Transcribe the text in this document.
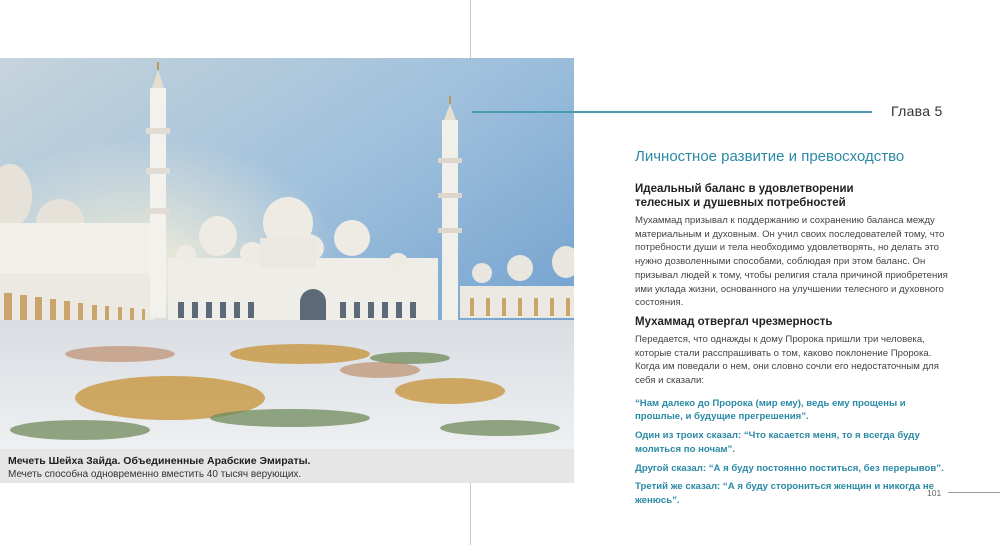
Мечеть Шейха Зайда. Объединенные Арабские Эмираты.
Мечеть способна одновременно вместить 40 тысяч верующих.
Глава 5
Личностное развитие и превосходство
Идеальный баланс в удовлетворении
телесных и душевных потребностей

Мухаммад призывал к поддержанию и сохранению баланса между материальным и духовным. Он учил своих последователей тому, что потребности души и тела необходимо удовлетворять, но делать это нужно дозволенными способами, соблюдая при этом баланс. Он призывал людей к тому, чтобы религия стала причиной приобретения ими уклада жизни, основанного на улучшении телесного и духовного состояния.

Мухаммад отвергал чрезмерность

Передается, что однажды к дому Пророка пришли три человека, которые стали расспрашивать о том, каково поклонение Пророка. Когда им поведали о нем, они словно сочли его недостаточным для себя и сказали:

“Нам далеко до Пророка (мир ему), ведь ему прощены и прошлые, и будущие прегрешения”.

Один из троих сказал: “Что касается меня, то я всегда буду молиться по ночам”.

Другой сказал: “А я буду постоянно поститься, без перерывов”.

Третий же сказал: “А я буду сторониться женщин и никогда не женюсь”.

101
